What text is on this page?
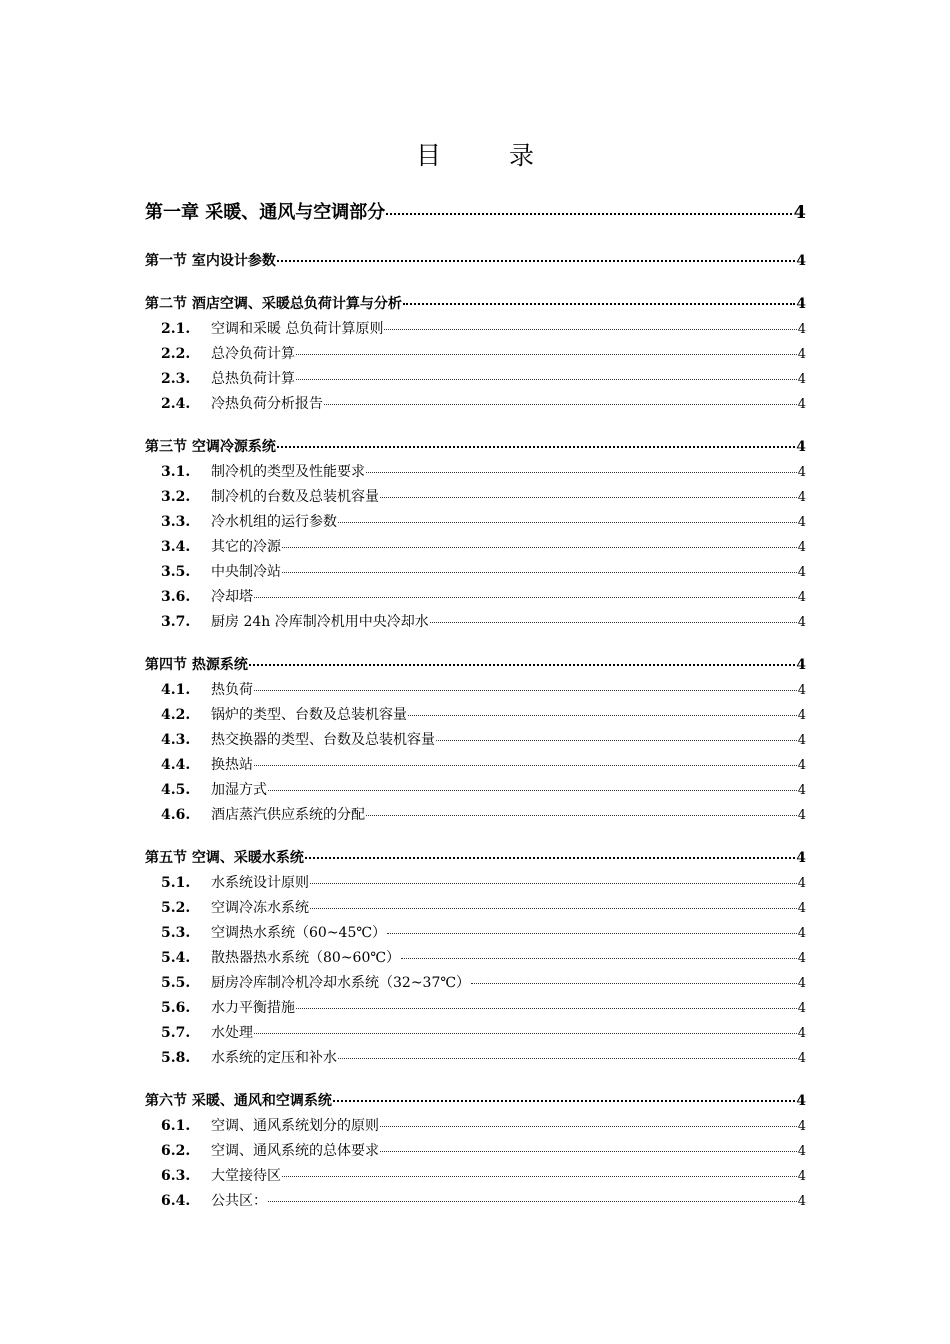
目 录
第一章 采暖、通风与空调部分	4
第一节 室内设计参数	4
第二节 酒店空调、采暖总负荷计算与分析	4
2.1.	空调和采暖 总负荷计算原则	4
2.2.	总冷负荷计算	4
2.3.	总热负荷计算	4
2.4.	冷热负荷分析报告	4
第三节 空调冷源系统	4
3.1.	制冷机的类型及性能要求	4
3.2.	制冷机的台数及总装机容量	4
3.3.	冷水机组的运行参数	4
3.4.	其它的冷源	4
3.5.	中央制冷站	4
3.6.	冷却塔	4
3.7.	厨房 24h 冷库制冷机用中央冷却水	4
第四节 热源系统	4
4.1.	热负荷	4
4.2.	锅炉的类型、台数及总装机容量	4
4.3.	热交换器的类型、台数及总装机容量	4
4.4.	换热站	4
4.5.	加湿方式	4
4.6.	酒店蒸汽供应系统的分配	4
第五节 空调、采暖水系统	4
5.1.	水系统设计原则	4
5.2.	空调冷冻水系统	4
5.3.	空调热水系统（60~45℃）	4
5.4.	散热器热水系统（80~60℃）	4
5.5.	厨房冷库制冷机冷却水系统（32~37℃）	4
5.6.	水力平衡措施	4
5.7.	水处理	4
5.8.	水系统的定压和补水	4
第六节 采暖、通风和空调系统	4
6.1.	空调、通风系统划分的原则	4
6.2.	空调、通风系统的总体要求	4
6.3.	大堂接待区	4
6.4.	公共区：	4
